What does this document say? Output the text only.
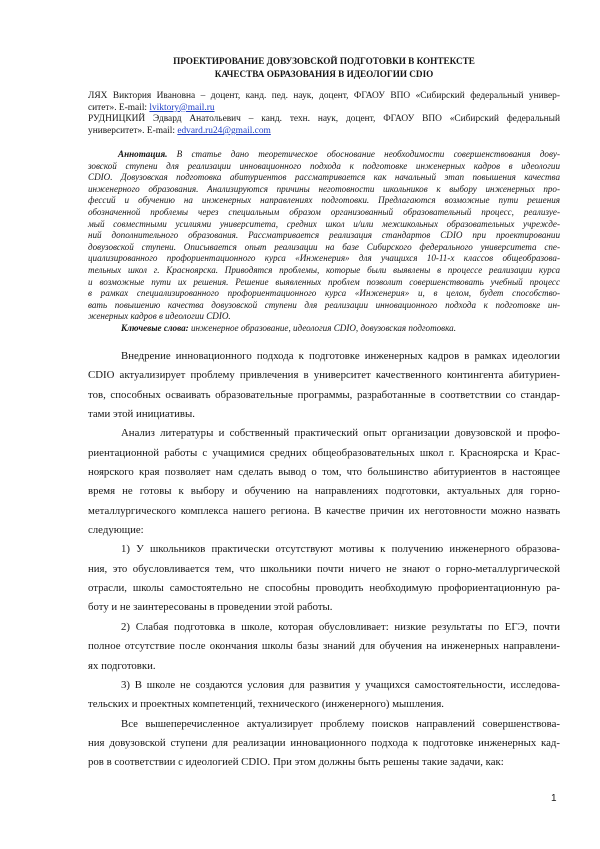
ПРОЕКТИРОВАНИЕ ДОВУЗОВСКОЙ ПОДГОТОВКИ В КОНТЕКСТЕ
КАЧЕСТВА ОБРАЗОВАНИЯ В ИДЕОЛОГИИ CDIO
ЛЯХ Виктория Ивановна – доцент, канд. пед. наук, доцент, ФГАОУ ВПО «Сибирский федеральный универ-
ситет». E-mail: lviktory@mail.ru
РУДНИЦКИЙ Эдвард Анатольевич – канд. техн. наук, доцент, ФГАОУ ВПО «Сибирский федеральный
университет». E-mail: edvard.ru24@gmail.com
Аннотация. В статье дано теоретическое обоснование необходимости совершенствования дову-
зовской ступени для реализации инновационного подхода к подготовке инженерных кадров в идеологии
CDIO. Довузовская подготовка абитуриентов рассматривается как начальный этап повышения качества
инженерного образования. Анализируются причины неготовности школьников к выбору инженерных про-
фессий и обучению на инженерных направлениях подготовки. Предлагаются возможные пути решения
обозначенной проблемы через специальным образом организованный образовательный процесс, реализуе-
мый совместными усилиями университета, средних школ и/или межшкольных образовательных учрежде-
ний дополнительного образования. Рассматривается реализация стандартов CDIO при проектировании
довузовской ступени. Описывается опыт реализации на базе Сибирского федерального университета спе-
циализированного профориентационного курса «Инженерия» для учащихся 10-11-х классов общеобразова-
тельных школ г. Красноярска. Приводятся проблемы, которые были выявлены в процессе реализации курса
и возможные пути их решения. Решение выявленных проблем позволит совершенствовать учебный процесс
в рамках специализированного профориентационного курса «Инженерия» и, в целом, будет способство-
вать повышению качества довузовской ступени для реализации инновационного подхода к подготовке ин-
женерных кадров в идеологии CDIO.
Ключевые слова: инженерное образование, идеология CDIO, довузовская подготовка.
Внедрение инновационного подхода к подготовке инженерных кадров в рамках идеологии
CDIO актуализирует проблему привлечения в университет качественного контингента абитуриен-
тов, способных осваивать образовательные программы, разработанные в соответствии со стандар-
тами этой инициативы.
Анализ литературы и собственный практический опыт организации довузовской и профо-
риентационной работы с учащимися средних общеобразовательных школ г. Красноярска и Крас-
ноярского края позволяет нам сделать вывод о том, что большинство абитуриентов в настоящее
время не готовы к выбору и обучению на направлениях подготовки, актуальных для горно-
металлургического комплекса нашего региона. В качестве причин их неготовности можно назвать
следующие:
1) У школьников практически отсутствуют мотивы к получению инженерного образова-
ния, это обусловливается тем, что школьники почти ничего не знают о горно-металлургической
отрасли, школы самостоятельно не способны проводить необходимую профориентационную ра-
боту и не заинтересованы в проведении этой работы.
2) Слабая подготовка в школе, которая обусловливает: низкие результаты по ЕГЭ, почти
полное отсутствие после окончания школы базы знаний для обучения на инженерных направлени-
ях подготовки.
3) В школе не создаются условия для развития у учащихся самостоятельности, исследова-
тельских и проектных компетенций, технического (инженерного) мышления.
Все вышеперечисленное актуализирует проблему поисков направлений совершенствова-
ния довузовской ступени для реализации инновационного подхода к подготовке инженерных кад-
ров в соответствии с идеологией CDIO. При этом должны быть решены такие задачи, как:
1
